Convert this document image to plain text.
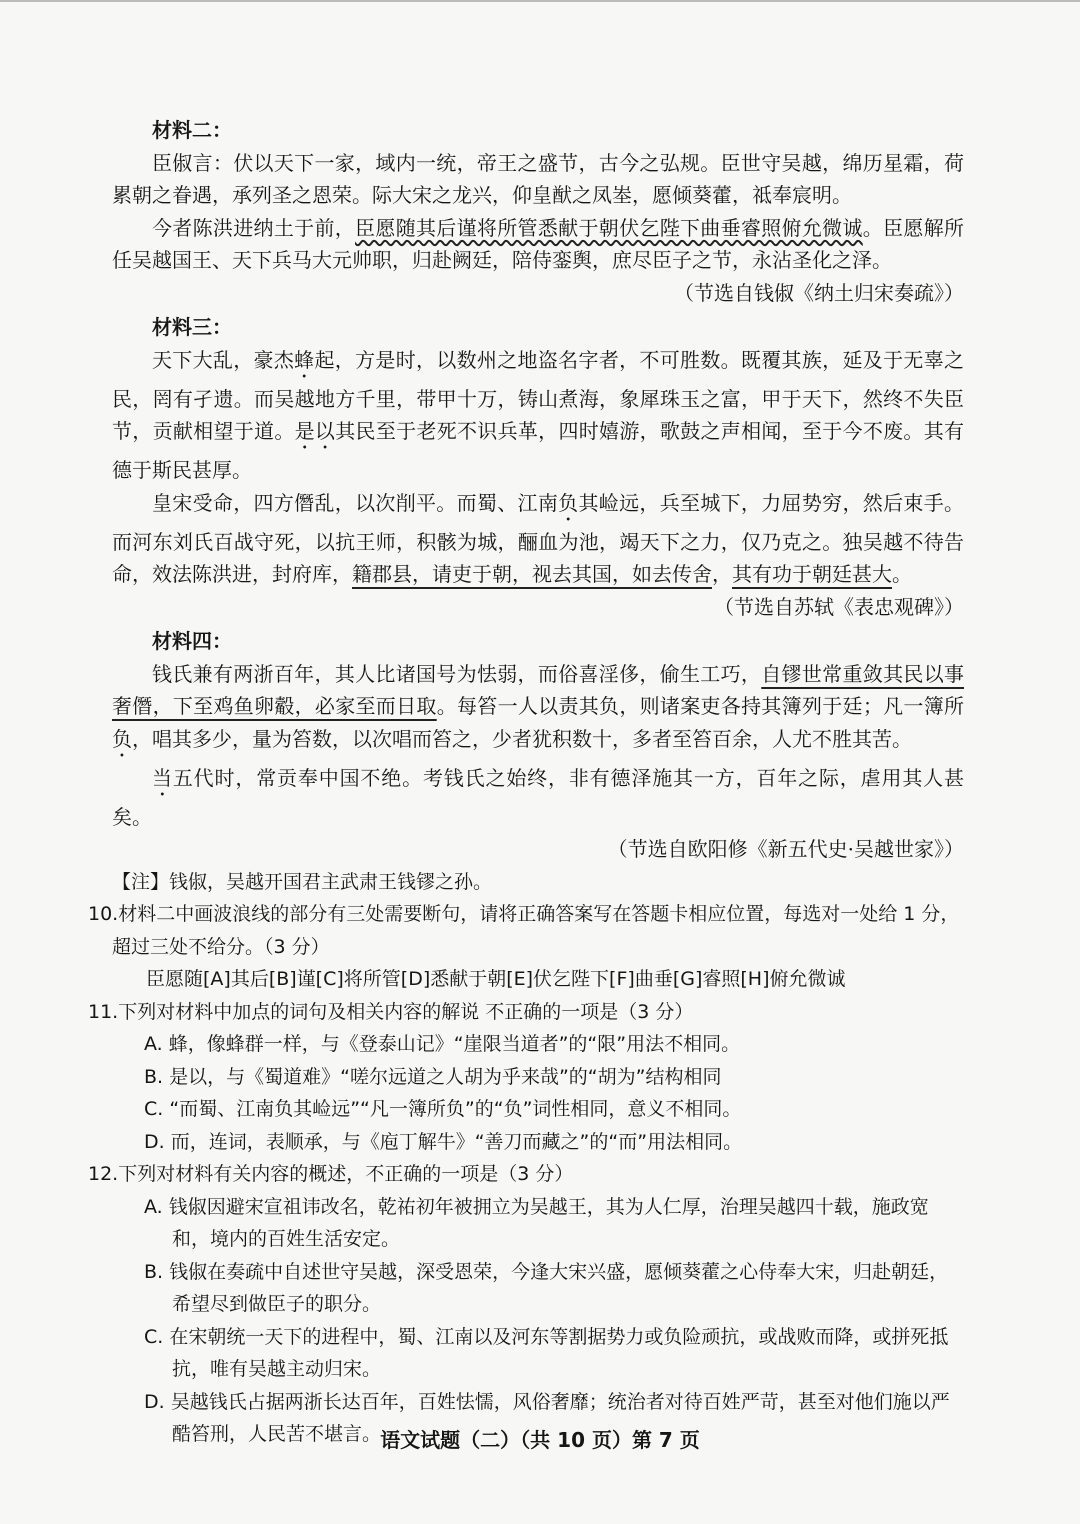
材料二：

臣俶言：伏以天下一家，域内一统，帝王之盛节，古今之弘规。臣世守吴越，绵历星霜，荷累朝之眷遇，承列圣之恩荣。际大宋之龙兴，仰皇猷之凤峚，愿倾葵藿，祗奉宸明。

今者陈洪进纳土于前，臣愿随其后谨将所管悉献于朝伏乞陛下曲垂睿照俯允微诚。臣愿解所任吴越国王、天下兵马大元帅职，归赴阙廷，陪侍銮舆，庶尽臣子之节，永沾圣化之泽。

（节选自钱俶《纳土归宋奏疏》）

材料三：

天下大乱，豪杰蜂起，方是时，以数州之地盗名字者，不可胜数。既覆其族，延及于无辜之民，罔有孑遗。而吴越地方千里，带甲十万，铸山煮海，象犀珠玉之富，甲于天下，然终不失臣节，贡献相望于道。是以其民至于老死不识兵革，四时嬉游，歌鼓之声相闻，至于今不废。其有德于斯民甚厚。

皇宋受命，四方僭乱，以次削平。而蜀、江南负其崄远，兵至城下，力屈势穷，然后束手。而河东刘氏百战守死，以抗王师，积骸为城，酾血为池，竭天下之力，仅乃克之。独吴越不待告命，效法陈洪进，封府库，籍郡县，请吏于朝，视去其国，如去传舍，其有功于朝廷甚大。

（节选自苏轼《表忠观碑》）

材料四：

钱氏兼有两浙百年，其人比诸国号为怯弱，而俗喜淫侈，偷生工巧，自镠世常重敛其民以事奢僭，下至鸡鱼卵觳，必家至而日取。每笞一人以责其负，则诸案吏各持其簿列于廷；凡一簿所负，唱其多少，量为笞数，以次唱而笞之，少者犹积数十，多者至笞百余，人尤不胜其苦。

当五代时，常贡奉中国不绝。考钱氏之始终，非有德泽施其一方，百年之际，虐用其人甚矣。

（节选自欧阳修《新五代史·吴越世家》）

【注】钱俶，吴越开国君主武肃王钱镠之孙。

10.材料二中画波浪线的部分有三处需要断句，请将正确答案写在答题卡相应位置，每选对一处给 1 分，超过三处不给分。（3 分）

臣愿随[A]其后[B]谨[C]将所管[D]悉献于朝[E]伏乞陛下[F]曲垂[G]睿照[H]俯允微诚

11.下列对材料中加点的词句及相关内容的解说 不正确的一项是（3 分）

A. 蜂，像蜂群一样，与《登泰山记》“崖限当道者”的“限”用法不相同。

B. 是以，与《蜀道难》“嗟尔远道之人胡为乎来哉”的“胡为”结构相同

C. “而蜀、江南负其崄远”“凡一簿所负”的“负”词性相同，意义不相同。

D. 而，连词，表顺承，与《庖丁解牛》“善刀而藏之”的“而”用法相同。

12.下列对材料有关内容的概述，不正确的一项是（3 分）

A. 钱俶因避宋宣祖讳改名，乾祐初年被拥立为吴越王，其为人仁厚，治理吴越四十载，施政宽和，境内的百姓生活安定。

B. 钱俶在奏疏中自述世守吴越，深受恩荣，今逢大宋兴盛，愿倾葵藿之心侍奉大宋，归赴朝廷，希望尽到做臣子的职分。

C. 在宋朝统一天下的进程中，蜀、江南以及河东等割据势力或负险顽抗，或战败而降，或拼死抵抗，唯有吴越主动归宋。

D. 吴越钱氏占据两浙长达百年，百姓怯懦，风俗奢靡；统治者对待百姓严苛，甚至对他们施以严酷笞刑，人民苦不堪言。 语文试题（二）（共 10 页）第 7 页
